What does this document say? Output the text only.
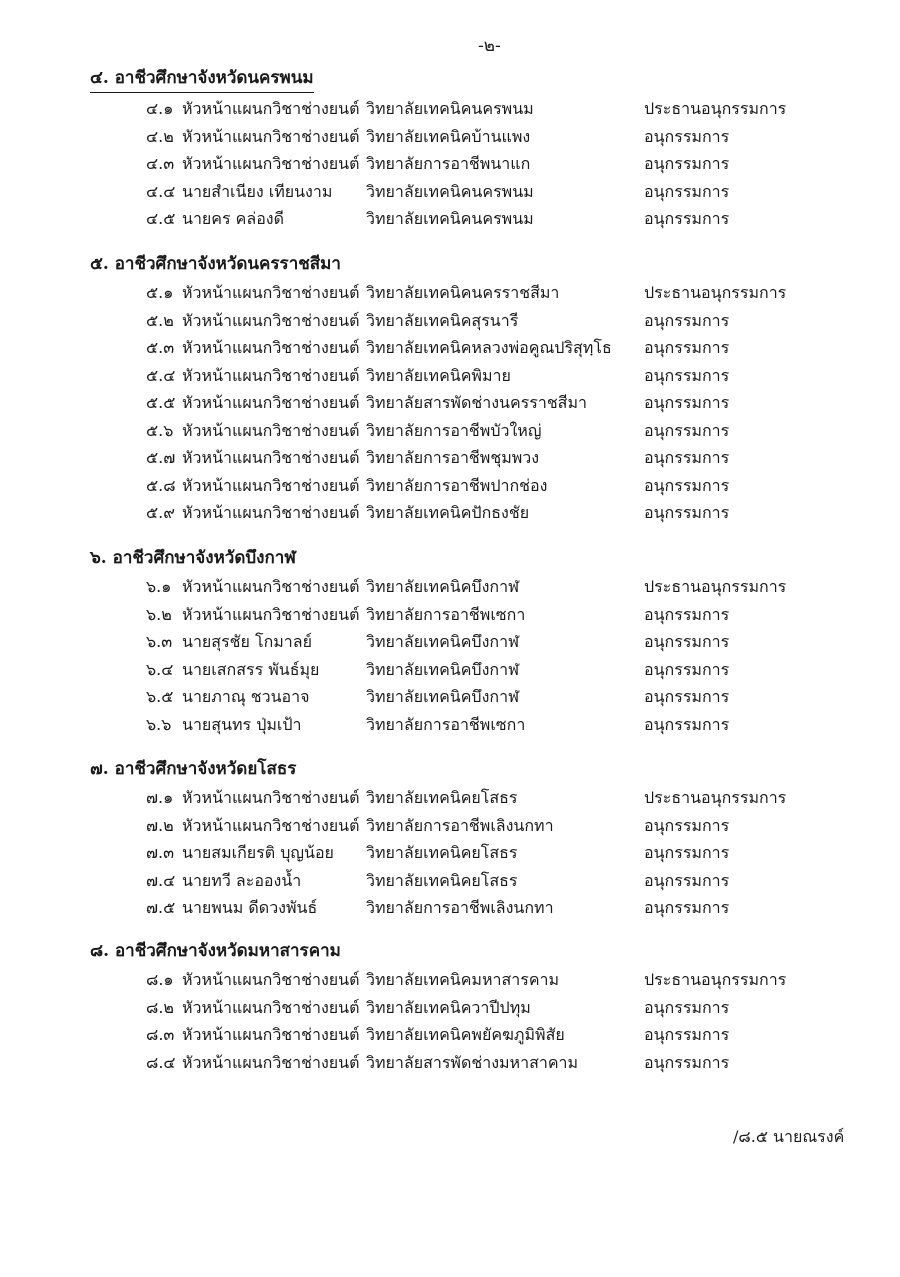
-๒-
๔. อาชีวศึกษาจังหวัดนครพนม
๔.๑ หัวหน้าแผนกวิชาช่างยนต์ วิทยาลัยเทคนิคนครพนม	ประธานอนุกรรมการ
๔.๒ หัวหน้าแผนกวิชาช่างยนต์ วิทยาลัยเทคนิคบ้านแพง	อนุกรรมการ
๔.๓ หัวหน้าแผนกวิชาช่างยนต์ วิทยาลัยการอาชีพนาแก	อนุกรรมการ
๔.๔ นายสำเนียง เทียนงาม วิทยาลัยเทคนิคนครพนม	อนุกรรมการ
๔.๕ นายคร คล่องดี	วิทยาลัยเทคนิคนครพนม	อนุกรรมการ
๕. อาชีวศึกษาจังหวัดนครราชสีมา
๕.๑ หัวหน้าแผนกวิชาช่างยนต์ วิทยาลัยเทคนิคนครราชสีมา	ประธานอนุกรรมการ
๕.๒ หัวหน้าแผนกวิชาช่างยนต์ วิทยาลัยเทคนิคสุรนารี	อนุกรรมการ
๕.๓ หัวหน้าแผนกวิชาช่างยนต์ วิทยาลัยเทคนิคหลวงพ่อคูณปริสุทฺโธ อนุกรรมการ
๕.๔ หัวหน้าแผนกวิชาช่างยนต์ วิทยาลัยเทคนิคพิมาย	อนุกรรมการ
๕.๕ หัวหน้าแผนกวิชาช่างยนต์ วิทยาลัยสารพัดช่างนครราชสีมา	อนุกรรมการ
๕.๖ หัวหน้าแผนกวิชาช่างยนต์ วิทยาลัยการอาชีพบัวใหญ่	อนุกรรมการ
๕.๗ หัวหน้าแผนกวิชาช่างยนต์ วิทยาลัยการอาชีพชุมพวง	อนุกรรมการ
๕.๘ หัวหน้าแผนกวิชาช่างยนต์ วิทยาลัยการอาชีพปากช่อง	อนุกรรมการ
๕.๙ หัวหน้าแผนกวิชาช่างยนต์ วิทยาลัยเทคนิคปักธงชัย	อนุกรรมการ
๖. อาชีวศึกษาจังหวัดบึงกาฬ
๖.๑ หัวหน้าแผนกวิชาช่างยนต์ วิทยาลัยเทคนิคบึงกาฬ	ประธานอนุกรรมการ
๖.๒ หัวหน้าแผนกวิชาช่างยนต์ วิทยาลัยการอาชีพเซกา	อนุกรรมการ
๖.๓ นายสุรชัย โกมาลย์	วิทยาลัยเทคนิคบึงกาฬ	อนุกรรมการ
๖.๔ นายเสกสรร พันธ์มุย	วิทยาลัยเทคนิคบึงกาฬ	อนุกรรมการ
๖.๕ นายภาณุ ชวนอาจ	วิทยาลัยเทคนิคบึงกาฬ	อนุกรรมการ
๖.๖ นายสุนทร ปุ่มเป้า	วิทยาลัยการอาชีพเซกา	อนุกรรมการ
๗. อาชีวศึกษาจังหวัดยโสธร
๗.๑ หัวหน้าแผนกวิชาช่างยนต์ วิทยาลัยเทคนิคยโสธร	ประธานอนุกรรมการ
๗.๒ หัวหน้าแผนกวิชาช่างยนต์ วิทยาลัยการอาชีพเลิงนกทา	อนุกรรมการ
๗.๓ นายสมเกียรติ บุญน้อย วิทยาลัยเทคนิคยโสธร	อนุกรรมการ
๗.๔ นายทวี ละอองน้ำ	วิทยาลัยเทคนิคยโสธร	อนุกรรมการ
๗.๕ นายพนม ดีดวงพันธ์	วิทยาลัยการอาชีพเลิงนกทา	อนุกรรมการ
๘. อาชีวศึกษาจังหวัดมหาสารคาม
๘.๑ หัวหน้าแผนกวิชาช่างยนต์ วิทยาลัยเทคนิคมหาสารคาม	ประธานอนุกรรมการ
๘.๒ หัวหน้าแผนกวิชาช่างยนต์ วิทยาลัยเทคนิควาปีปทุม	อนุกรรมการ
๘.๓ หัวหน้าแผนกวิชาช่างยนต์ วิทยาลัยเทคนิคพยัคฆภูมิพิสัย	อนุกรรมการ
๘.๔ หัวหน้าแผนกวิชาช่างยนต์ วิทยาลัยสารพัดช่างมหาสาคาม	อนุกรรมการ
/๘.๕ นายณรงค์
